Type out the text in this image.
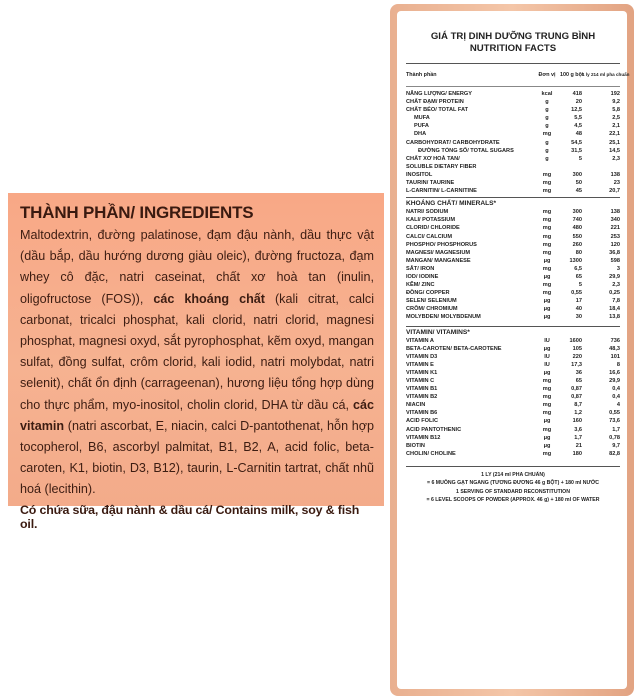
THÀNH PHẦN/ INGREDIENTS
Maltodextrin, đường palatinose, đạm đậu nành, dầu thực vật (dầu bắp, dầu hướng dương giàu oleic), đường fructoza, đạm whey cô đặc, natri caseinat, chất xơ hoà tan (inulin, oligofructose (FOS)), các khoáng chất (kali citrat, calci carbonat, tricalci phosphat, kali clorid, natri clorid, magnesi phosphat, magnesi oxyd, sắt pyrophosphat, kẽm oxyd, mangan sulfat, đồng sulfat, crôm clorid, kali iodid, natri molybdat, natri selenit), chất ổn định (carrageenan), hương liệu tổng hợp dùng cho thực phẩm, myo-inositol, cholin clorid, DHA từ dầu cá, các vitamin (natri ascorbat, E, niacin, calci D-pantothenat, hỗn hợp tocopherol, B6, ascorbyl palmitat, B1, B2, A, acid folic, beta-caroten, K1, biotin, D3, B12), taurin, L-Carnitin tartrat, chất nhũ hoá (lecithin).
Có chứa sữa, đậu nành & dầu cá/ Contains milk, soy & fish oil.
GIÁ TRỊ DINH DƯỠNG TRUNG BÌNH
NUTRITION FACTS
Thành phần	Đơn vị 100 g bột
1 ly 214 ml pha chuẩn
NĂNG LƯỢNG/ ENERGY	kcal	418	192
CHẤT ĐẠM/ PROTEIN	g	20	9,2
CHẤT BÉO/ TOTAL FAT	g	12,5	5,8
MUFA	g	5,5	2,5
PUFA	g	4,5	2,1
DHA	mg	48	22,1
CARBOHYDRAT/ CARBOHYDRATE	g	54,5	25,1
ĐƯỜNG TỔNG SỐ/ TOTAL SUGARS	g	31,5	14,5
CHẤT XƠ HOÀ TAN/	g	5	2,3
SOLUBLE DIETARY FIBER
INOSITOL	mg	300	138
TAURIN/ TAURINE	mg	50	23
L-CARNITIN/ L-CARNITINE	mg	45	20,7
KHOÁNG CHẤT/ MINERALS*
NATRI/ SODIUM	mg	300	138
KALI/ POTASSIUM	mg	740	340
CLORID/ CHLORIDE	mg	480	221
CALCI/ CALCIUM	mg	550	253
PHOSPHO/ PHOSPHORUS	mg	260	120
MAGNESI/ MAGNESIUM	mg	80	36,8
MANGAN/ MANGANESE	μg	1300	598
SẮT/ IRON	mg	6,5	3
IOD/ IODINE	μg	65	29,9
KẼM/ ZINC	mg	5	2,3
ĐỒNG/ COPPER	mg	0,55	0,25
SELEN/ SELENIUM	μg	17	7,8
CRÔM/ CHROMIUM	μg	40	18,4
MOLYBDEN/ MOLYBDENUM	μg	30	13,8
VITAMIN/ VITAMINS*
VITAMIN A	IU	1600	736
BETA-CAROTEN/ BETA-CAROTENE	μg	105	48,3
VITAMIN D3	IU	220	101
VITAMIN E	IU	17,3	8
VITAMIN K1	μg	36	16,6
VITAMIN C	mg	65	29,9
VITAMIN B1	mg	0,87	0,4
VITAMIN B2	mg	0,87	0,4
NIACIN	mg	8,7	4
VITAMIN B6	mg	1,2	0,55
ACID FOLIC	μg	160	73,6
ACID PANTOTHENIC	mg	3,6	1,7
VITAMIN B12	μg	1,7	0,78
BIOTIN	μg	21	9,7
CHOLIN/ CHOLINE	mg	180	82,8
1 LY (214 ml PHA CHUẨN)
= 6 MUỖNG GẠT NGANG (TƯƠNG ĐƯƠNG 46 g BỘT) + 180 ml NƯỚC
1 SERVING OF STANDARD RECONSTITUTION
= 6 LEVEL SCOOPS OF POWDER (APPROX. 46 g) + 180 ml OF WATER
